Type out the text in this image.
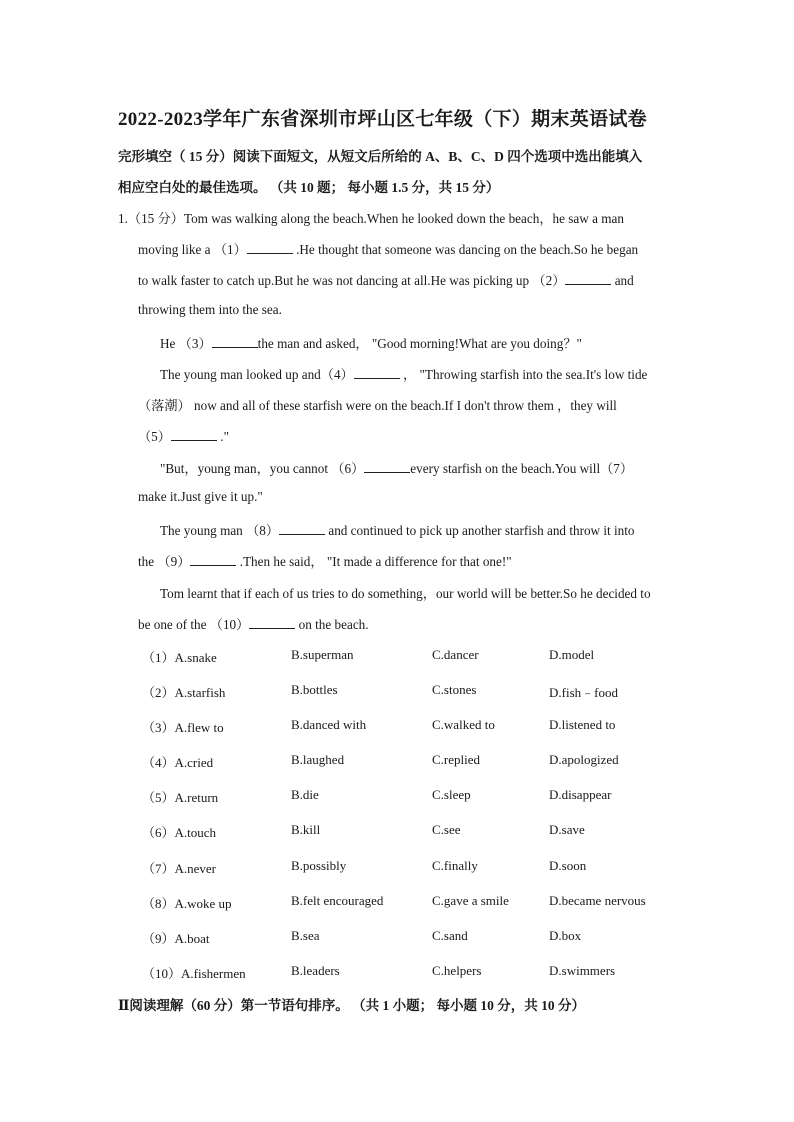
2022-2023学年广东省深圳市坪山区七年级（下）期末英语试卷
完形填空（ 15 分）阅读下面短文，从短文后所给的 A、B、C、D 四个选项中选出能填入
相应空白处的最佳选项。 （共 10 题； 每小题 1.5 分，共 15 分）
1.（15 分）Tom was walking along the beach.When he looked down the beach，he saw a man
moving like a （1）	.He thought that someone was dancing on the beach.So he began
to walk faster to catch up.But he was not dancing at all.He was picking up （2）	and
throwing them into the sea.
He （3）	the man and asked， "Good morning!What are you doing？"
The young man looked up and（4）	， "Throwing starfish into the sea.It's low tide
（落潮） now and all of these starfish were on the beach.If I don't throw them ，they will
（5）	."
"But，young man，you cannot （6）	every starfish on the beach.You will（7）
make it.Just give it up."
The young man （8）	and continued to pick up another starfish and throw it into
the （9）	.Then he said， "It made a difference for that one!"
Tom learnt that if each of us tries to do something，our world will be better.So he decided to
be one of the （10）	on the beach.
（1）A.snake	B.superman	C.dancer	D.model
（2）A.starfish	B.bottles	C.stones	D.fish﹣food
（3）A.flew to	B.danced with	C.walked to	D.listened to
（4）A.cried	B.laughed	C.replied	D.apologized
（5）A.return	B.die	C.sleep	D.disappear
（6）A.touch	B.kill	C.see	D.save
（7）A.never	B.possibly	C.finally	D.soon
（8）A.woke up	B.felt encouraged	C.gave a smile	D.became nervous
（9）A.boat	B.sea	C.sand	D.box
（10）A.fishermen	B.leaders	C.helpers	D.swimmers
Ⅱ阅读理解（60 分）第一节语句排序。 （共 1 小题； 每小题 10 分，共 10 分）
